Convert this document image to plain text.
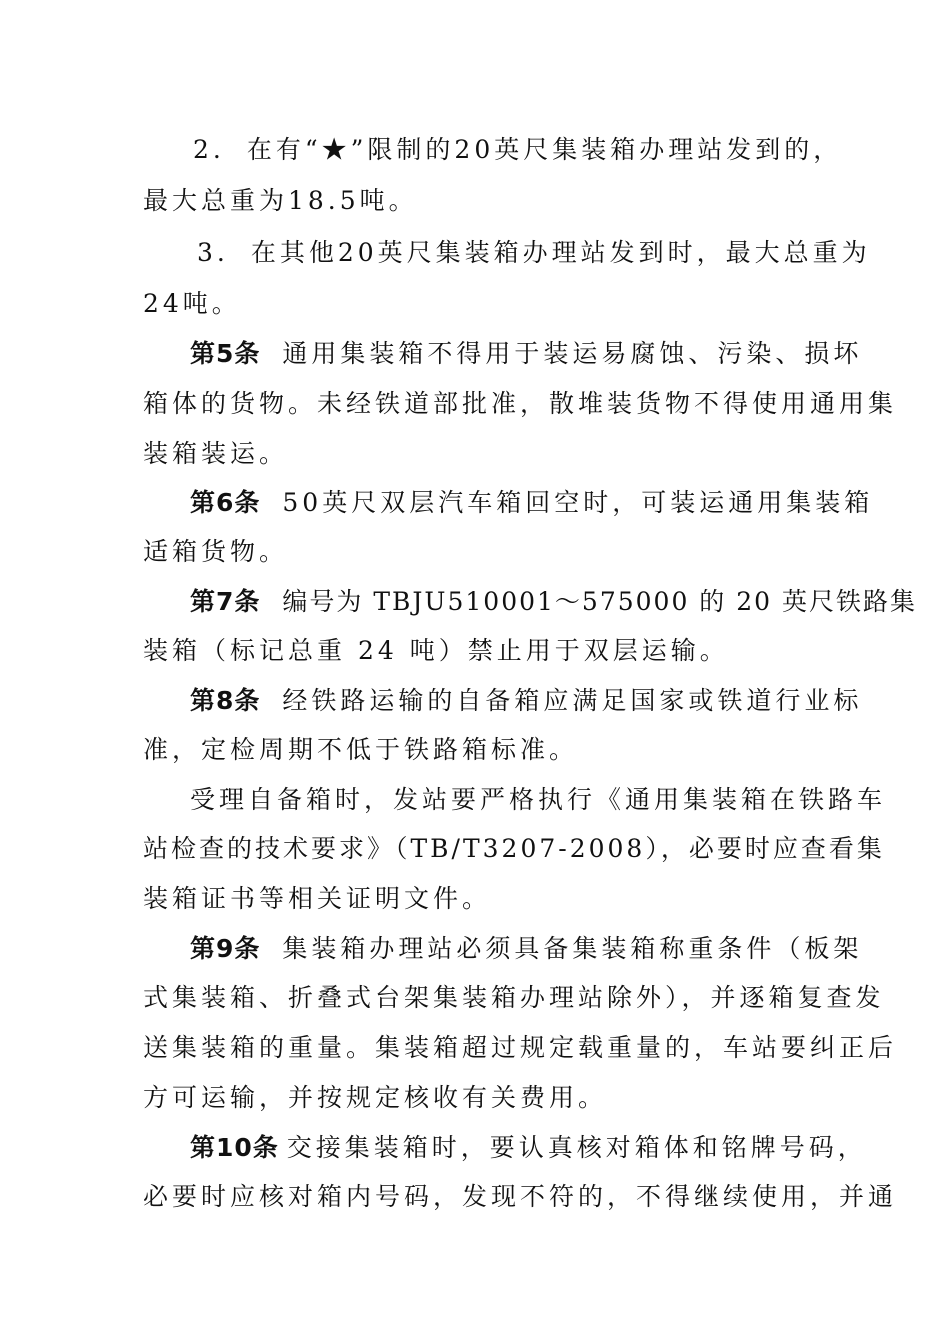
2. 在有“★”限制的20英尺集装箱办理站发到的，
最大总重为18.5吨。
3. 在其他20英尺集装箱办理站发到时，最大总重为
24吨。
第5条 通用集装箱不得用于装运易腐蚀、污染、损坏
箱体的货物。未经铁道部批准，散堆装货物不得使用通用集
装箱装运。
第6条 50英尺双层汽车箱回空时，可装运通用集装箱
适箱货物。
第7条 编号为 TBJU510001～575000 的 20 英尺铁路集
装箱（标记总重 24 吨）禁止用于双层运输。
第8条 经铁路运输的自备箱应满足国家或铁道行业标
准，定检周期不低于铁路箱标准。
受理自备箱时，发站要严格执行《通用集装箱在铁路车
站检查的技术要求》（TB/T3207-2008），必要时应查看集
装箱证书等相关证明文件。
第9条 集装箱办理站必须具备集装箱称重条件（板架
式集装箱、折叠式台架集装箱办理站除外），并逐箱复查发
送集装箱的重量。集装箱超过规定载重量的，车站要纠正后
方可运输，并按规定核收有关费用。
第10条 交接集装箱时，要认真核对箱体和铭牌号码，
必要时应核对箱内号码，发现不符的，不得继续使用，并通
